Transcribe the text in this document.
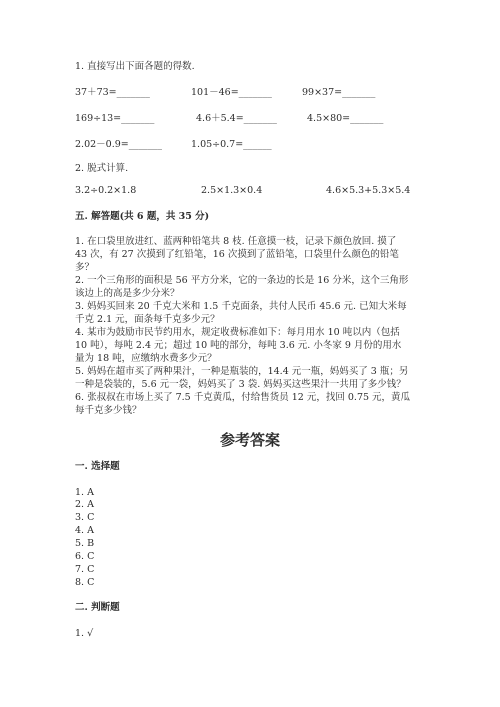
1. 直接写出下面各题的得数.
37＋73=_______	101－46=_______	99×37=_______
169÷13=_______	4.6＋5.4=_______	4.5×80=_______
2.02－0.9=_______	1.05÷0.7=______
2. 脱式计算.
3.2÷0.2×1.8	2.5×1.3×0.4	4.6×5.3+5.3×5.4
五. 解答题(共 6 题，共 35 分)
1. 在口袋里放进红、蓝两种铅笔共 8 枝. 任意摸一枝，记录下颜色放回. 摸了
43 次，有 27 次摸到了红铅笔，16 次摸到了蓝铅笔，口袋里什么颜色的铅笔
多？
2. 一个三角形的面积是 56 平方分米，它的一条边的长是 16 分米，这个三角形
该边上的高是多少分米？
3. 妈妈买回来 20 千克大米和 1.5 千克面条，共付人民币 45.6 元. 已知大米每
千克 2.1 元，面条每千克多少元？
4. 某市为鼓励市民节约用水，规定收费标准如下：每月用水 10 吨以内（包括
10 吨），每吨 2.4 元；超过 10 吨的部分，每吨 3.6 元. 小冬家 9 月份的用水
量为 18 吨，应缴纳水费多少元？
5. 妈妈在超市买了两种果汁，一种是瓶装的，14.4 元一瓶，妈妈买了 3 瓶；另
一种是袋装的，5.6 元一袋，妈妈买了 3 袋. 妈妈买这些果汁一共用了多少钱？
6. 张叔叔在市场上买了 7.5 千克黄瓜，付给售货员 12 元，找回 0.75 元，黄瓜
每千克多少钱？
参考答案
一. 选择题
1. A
2. A
3. C
4. A
5. B
6. C
7. C
8. C
二. 判断题
1. √
